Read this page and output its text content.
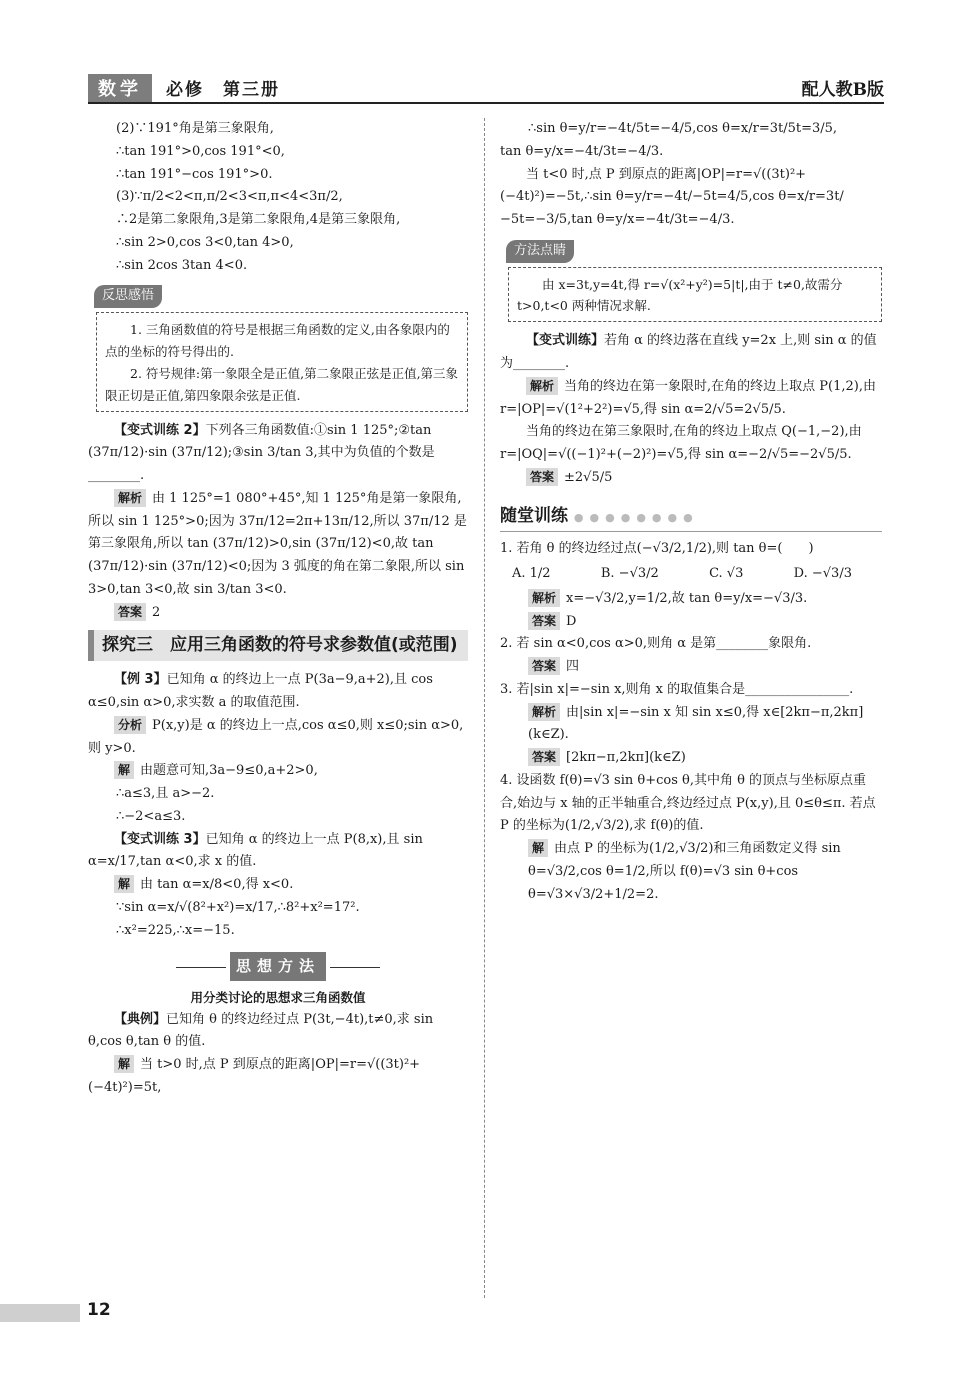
数学	必修　第三册	配人教B版

(2)∵191°角是第三象限角,

∴tan 191°>0,cos 191°<0,

∴tan 191°−cos 191°>0.

(3)∵π/2<2<π,π/2<3<π,π<4<3π/2,

∴2是第二象限角,3是第二象限角,4是第三象限角,

∴sin 2>0,cos 3<0,tan 4>0,

∴sin 2cos 3tan 4<0.

反思感悟

1. 三角函数值的符号是根据三角函数的定义,由各象限内的点的坐标的符号得出的.

2. 符号规律:第一象限全是正值,第二象限正弦是正值,第三象限正切是正值,第四象限余弦是正值.

【变式训练 2】下列各三角函数值:①sin 1 125°;②tan (37π/12)·sin (37π/12);③sin 3/tan 3,其中为负值的个数是________.

解析 由 1 125°=1 080°+45°,知 1 125°角是第一象限角,所以 sin 1 125°>0;因为 37π/12=2π+13π/12,所以 37π/12 是第三象限角,所以 tan (37π/12)>0,sin (37π/12)<0,故 tan (37π/12)·sin (37π/12)<0;因为 3 弧度的角在第二象限,所以 sin 3>0,tan 3<0,故 sin 3/tan 3<0.

答案 2

探究三　应用三角函数的符号求参数值(或范围)

【例 3】已知角 α 的终边上一点 P(3a−9,a+2),且 cos α≤0,sin α>0,求实数 a 的取值范围.

分析 P(x,y)是 α 的终边上一点,cos α≤0,则 x≤0;sin α>0,则 y>0.

解 由题意可知,3a−9≤0,a+2>0,

∴a≤3,且 a>−2.

∴−2<a≤3.

【变式训练 3】已知角 α 的终边上一点 P(8,x),且 sin α=x/17,tan α<0,求 x 的值.

解 由 tan α=x/8<0,得 x<0.

∵sin α=x/√(8²+x²)=x/17,∴8²+x²=17².

∴x²=225,∴x=−15.

思想方法
用分类讨论的思想求三角函数值

【典例】已知角 θ 的终边经过点 P(3t,−4t),t≠0,求 sin θ,cos θ,tan θ 的值.

解 当 t>0 时,点 P 到原点的距离|OP|=r=√((3t)²+(−4t)²)=5t,

∴sin θ=y/r=−4t/5t=−4/5,cos θ=x/r=3t/5t=3/5,

tan θ=y/x=−4t/3t=−4/3.

当 t<0 时,点 P 到原点的距离|OP|=r=√((3t)²+(−4t)²)=−5t,∴sin θ=y/r=−4t/−5t=4/5,cos θ=x/r=3t/−5t=−3/5,tan θ=y/x=−4t/3t=−4/3.

方法点睛

由 x=3t,y=4t,得 r=√(x²+y²)=5|t|,由于 t≠0,故需分 t>0,t<0 两种情况求解.

【变式训练】若角 α 的终边落在直线 y=2x 上,则 sin α 的值为________.

解析 当角的终边在第一象限时,在角的终边上取点 P(1,2),由 r=|OP|=√(1²+2²)=√5,得 sin α=2/√5=2√5/5.

当角的终边在第三象限时,在角的终边上取点 Q(−1,−2),由 r=|OQ|=√((−1)²+(−2)²)=√5,得 sin α=−2/√5=−2√5/5.

答案 ±2√5/5

随堂训练 ●●●●●●●●

1. 若角 θ 的终边经过点(−√3/2,1/2),则 tan θ=(　　)

A. 1/2	B. −√3/2	C. √3	D. −√3/3

解析 x=−√3/2,y=1/2,故 tan θ=y/x=−√3/3.

答案 D

2. 若 sin α<0,cos α>0,则角 α 是第________象限角.

答案 四

3. 若|sin x|=−sin x,则角 x 的取值集合是________________.

解析 由|sin x|=−sin x 知 sin x≤0,得 x∈[2kπ−π,2kπ](k∈Z).

答案 [2kπ−π,2kπ](k∈Z)

4. 设函数 f(θ)=√3 sin θ+cos θ,其中角 θ 的顶点与坐标原点重合,始边与 x 轴的正半轴重合,终边经过点 P(x,y),且 0≤θ≤π. 若点 P 的坐标为(1/2,√3/2),求 f(θ)的值.

解 由点 P 的坐标为(1/2,√3/2)和三角函数定义得 sin θ=√3/2,cos θ=1/2,所以 f(θ)=√3 sin θ+cos θ=√3×√3/2+1/2=2.

12
